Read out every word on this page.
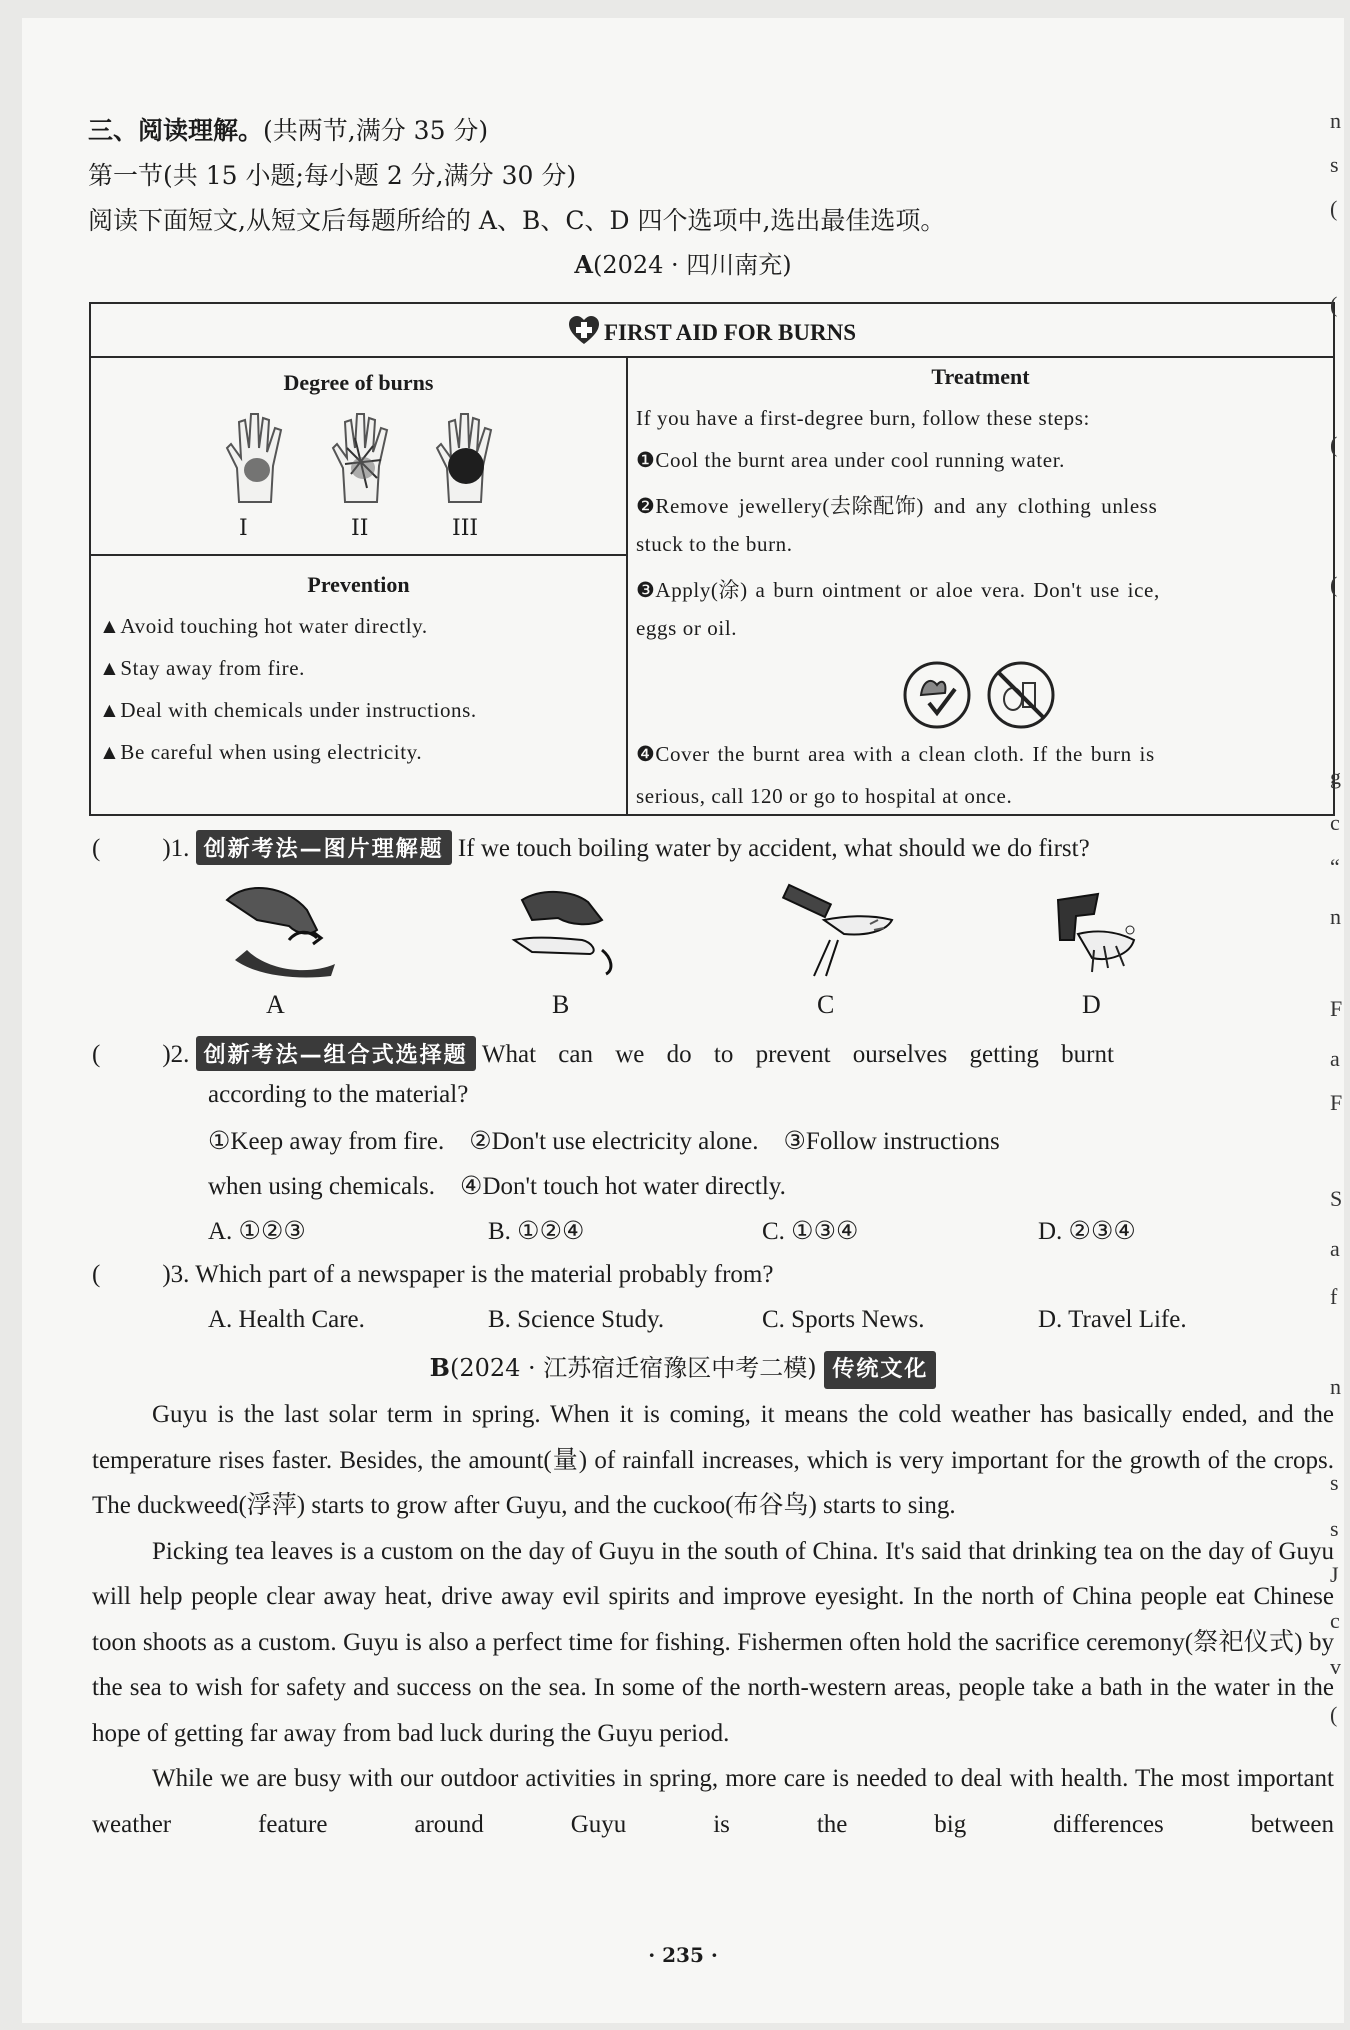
三、阅读理解。(共两节,满分 35 分)
第一节(共 15 小题;每小题 2 分,满分 30 分)
阅读下面短文,从短文后每题所给的 A、B、C、D 四个选项中,选出最佳选项。
A(2024 · 四川南充)
FIRST AID FOR BURNS
Degree of burns
I	II	III
Prevention
▲Avoid touching hot water directly.
▲Stay away from fire.
▲Deal with chemicals under instructions.
▲Be careful when using electricity.
Treatment
If you have a first-degree burn, follow these steps:
❶Cool the burnt area under cool running water.
❷Remove jewellery(去除配饰) and any clothing unless
stuck to the burn.
❸Apply(涂) a burn ointment or aloe vera. Don't use ice,
eggs or oil.
❹Cover the burnt area with a clean cloth. If the burn is
serious, call 120 or go to hospital at once.
( )1. 创新考法—图片理解题 If we touch boiling water by accident, what should we do first?
A	B	C	D
( )2. 创新考法—组合式选择题 What can we do to prevent ourselves getting burnt
according to the material?
①Keep away from fire.    ②Don't use electricity alone.    ③Follow instructions
when using chemicals.    ④Don't touch hot water directly.
A. ①②③	B. ①②④	C. ①③④	D. ②③④
( )3. Which part of a newspaper is the material probably from?
A. Health Care.	B. Science Study.	C. Sports News.	D. Travel Life.
B(2024 · 江苏宿迁宿豫区中考二模) 传统文化

Guyu is the last solar term in spring. When it is coming, it means the cold weather has basically ended, and the temperature rises faster. Besides, the amount(量) of rainfall increases, which is very important for the growth of the crops. The duckweed(浮萍) starts to grow after Guyu, and the cuckoo(布谷鸟) starts to sing.

Picking tea leaves is a custom on the day of Guyu in the south of China. It's said that drinking tea on the day of Guyu will help people clear away heat, drive away evil spirits and improve eyesight. In the north of China people eat Chinese toon shoots as a custom. Guyu is also a perfect time for fishing. Fishermen often hold the sacrifice ceremony(祭祀仪式) by the sea to wish for safety and success on the sea. In some of the north-western areas, people take a bath in the water in the hope of getting far away from bad luck during the Guyu period.

While we are busy with our outdoor activities in spring, more care is needed to deal with health. The most important weather feature around Guyu is the big differences between

· 235 ·
n
s
(
(
(
(
g
c
“
n
F
a
F
S
a
f
n
s
s
J
c
v
(
